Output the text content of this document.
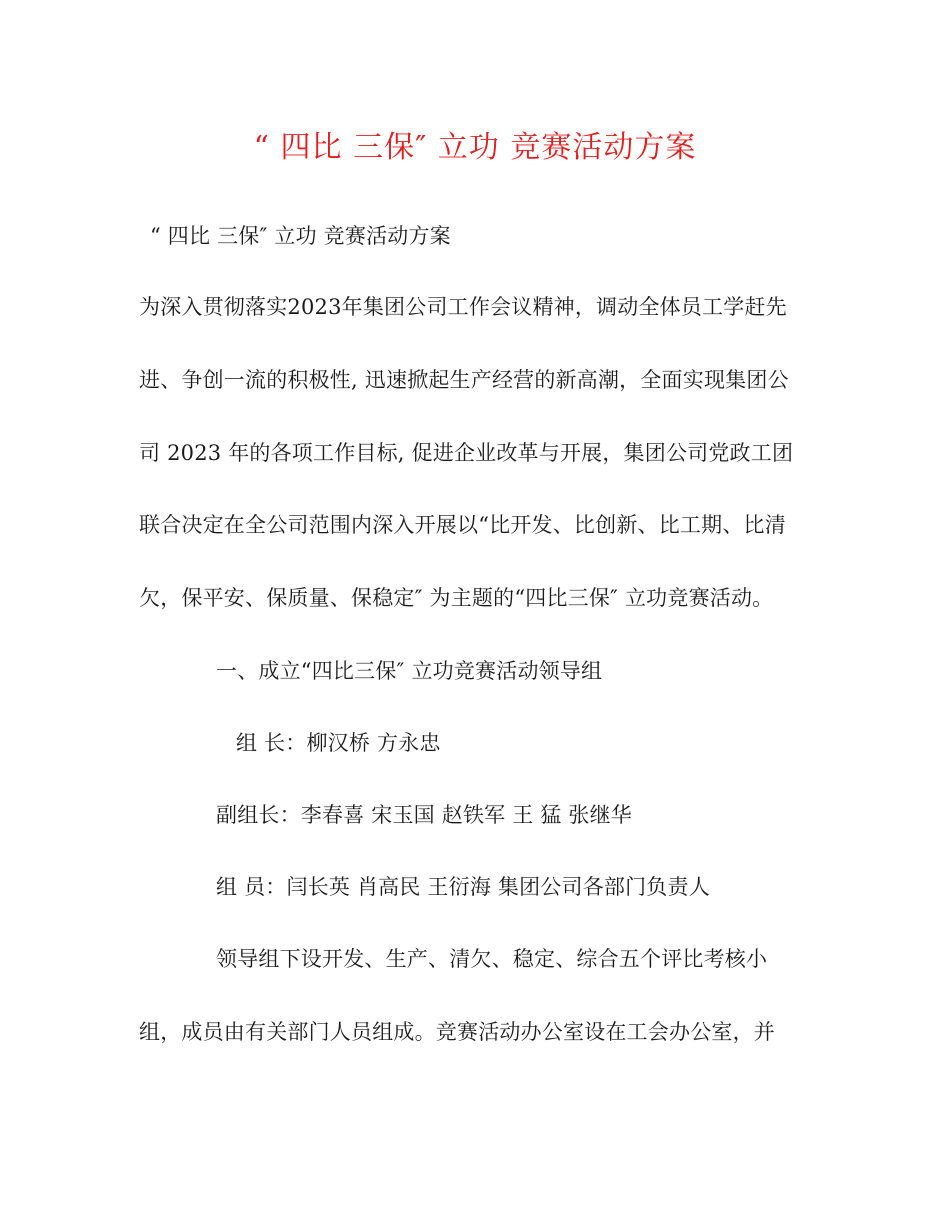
“ 四比 三保″ 立功 竞赛活动方案
“ 四比 三保″ 立功 竞赛活动方案
为深入贯彻落实2023年集团公司工作会议精神，调动全体员工学赶先
进、争创一流的积极性, 迅速掀起生产经营的新高潮，全面实现集团公
司 2023 年的各项工作目标, 促进企业改革与开展，集团公司党政工团
联合决定在全公司范围内深入开展以“比开发、比创新、比工期、比清
欠，保平安、保质量、保稳定″ 为主题的“四比三保″ 立功竞赛活动。
一、成立“四比三保″ 立功竞赛活动领导组
组 长：柳汉桥 方永忠
副组长：李春喜 宋玉国 赵铁军 王 猛 张继华
组 员：闫长英 肖高民 王衍海 集团公司各部门负责人
领导组下设开发、生产、清欠、稳定、综合五个评比考核小
组，成员由有关部门人员组成。竞赛活动办公室设在工会办公室，并
